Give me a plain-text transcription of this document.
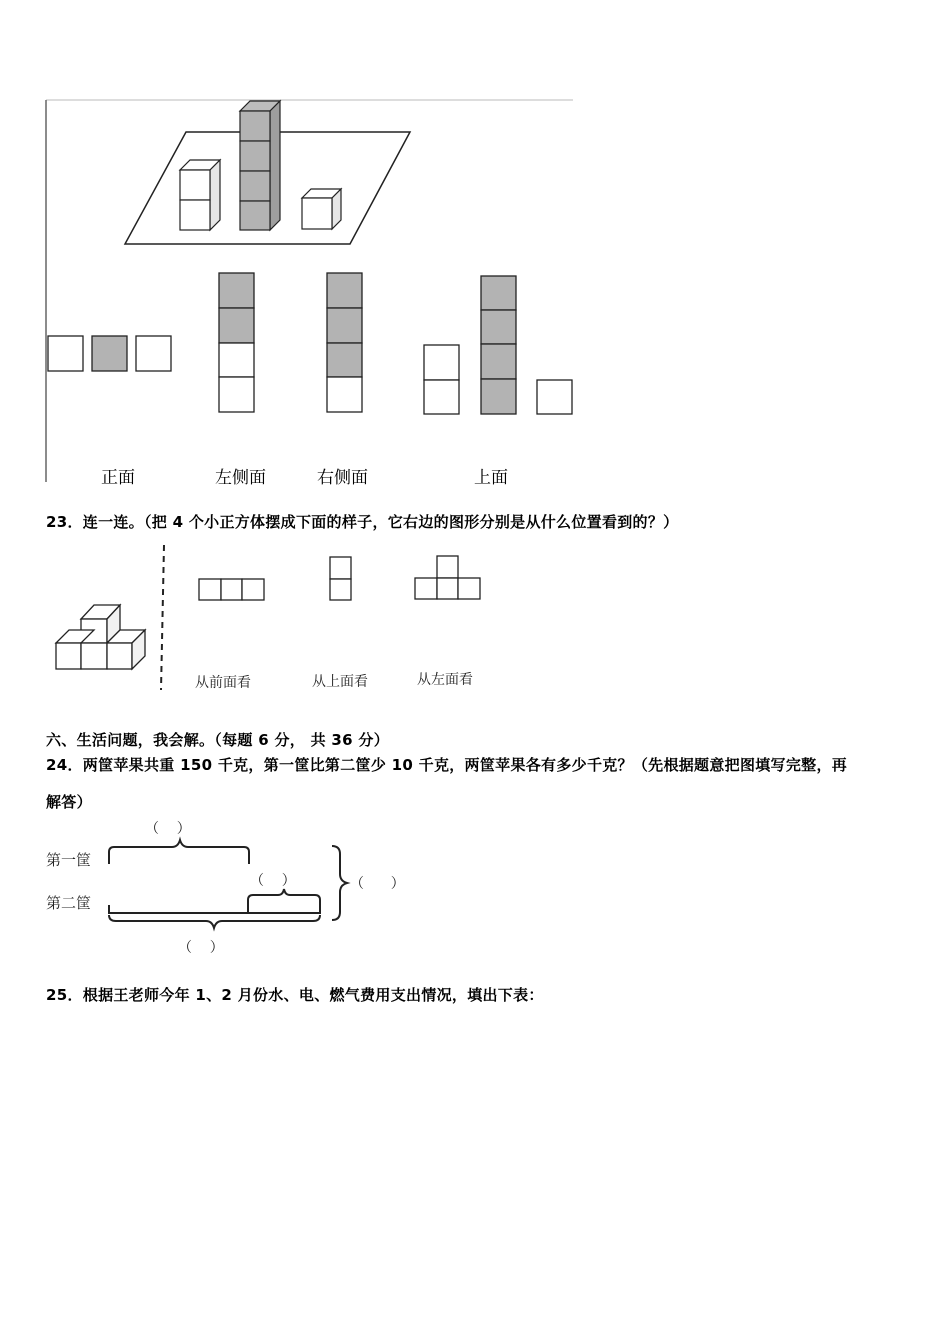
正面	左侧面	右侧面	上面
23．连一连。（把 4 个小正方体摆成下面的样子，它右边的图形分别是从什么位置看到的？）
从前面看	从上面看	从左面看
六、生活问题，我会解。（每题 6 分， 共 36 分）
24．两筐苹果共重 150 千克，第一筐比第二筐少 10 千克，两筐苹果各有多少千克？（先根据题意把图填写完整，再
解答）
第一筐
第二筐
（    ）
（    ）	（      ）
（    ）
25．根据王老师今年 1、2 月份水、电、燃气费用支出情况，填出下表：
